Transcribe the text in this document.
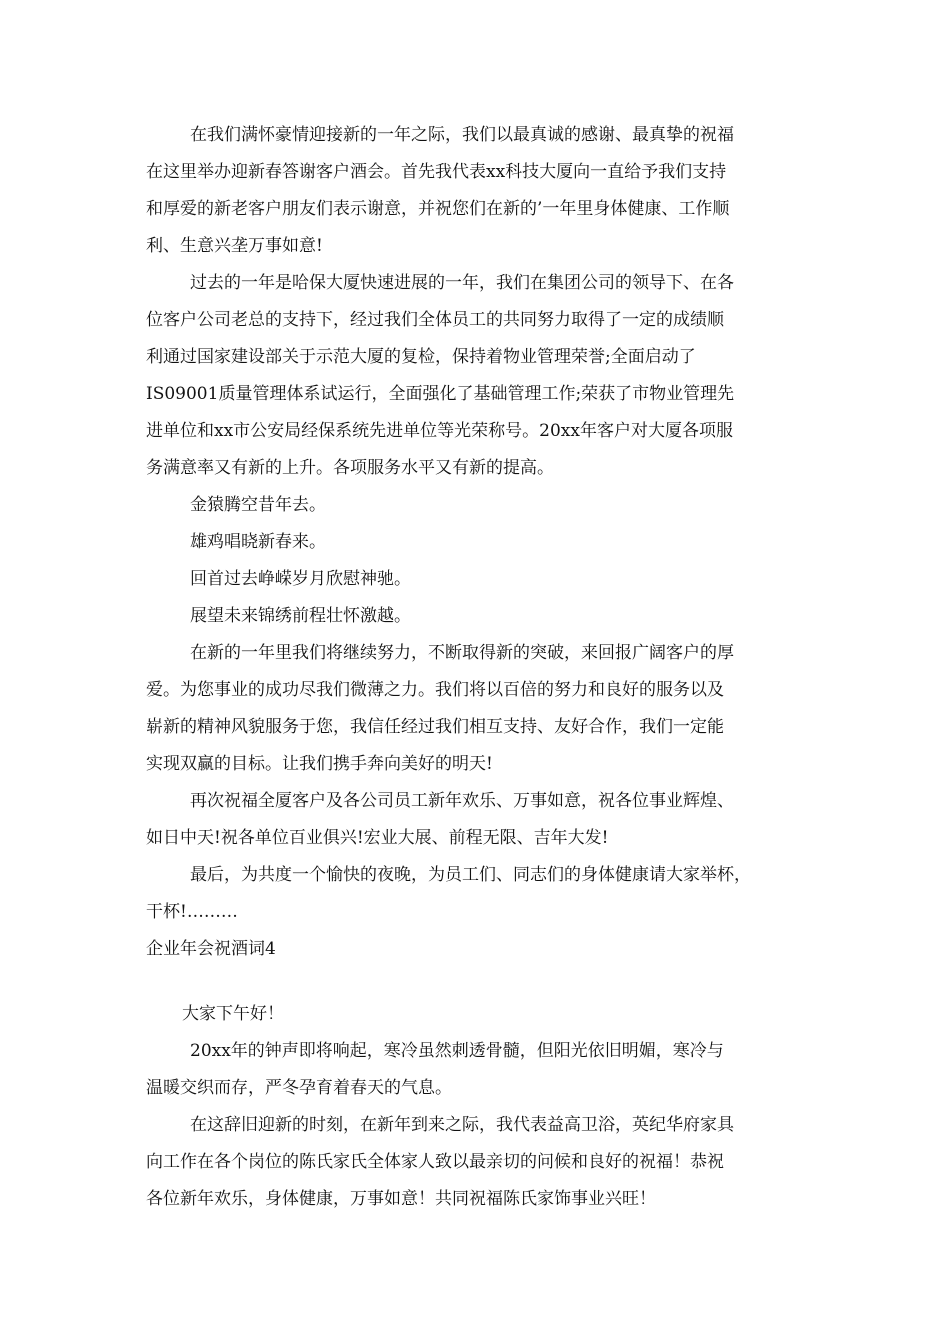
在我们满怀豪情迎接新的一年之际，我们以最真诚的感谢、最真挚的祝福
在这里举办迎新春答谢客户酒会。首先我代表xx科技大厦向一直给予我们支持
和厚爱的新老客户朋友们表示谢意，并祝您们在新的’一年里身体健康、工作顺
利、生意兴垄万事如意!
过去的一年是哈保大厦快速进展的一年，我们在集团公司的领导下、在各
位客户公司老总的支持下，经过我们全体员工的共同努力取得了一定的成绩顺
利通过国家建设部关于示范大厦的复检，保持着物业管理荣誉;全面启动了
IS09001质量管理体系试运行，全面强化了基础管理工作;荣获了市物业管理先
进单位和xx市公安局经保系统先进单位等光荣称号。20xx年客户对大厦各项服
务满意率又有新的上升。各项服务水平又有新的提高。
金猿腾空昔年去。
雄鸡唱晓新春来。
回首过去峥嵘岁月欣慰神驰。
展望未来锦绣前程壮怀激越。
在新的一年里我们将继续努力，不断取得新的突破，来回报广阔客户的厚
爱。为您事业的成功尽我们微薄之力。我们将以百倍的努力和良好的服务以及
崭新的精神风貌服务于您，我信任经过我们相互支持、友好合作，我们一定能
实现双赢的目标。让我们携手奔向美好的明天!
再次祝福全厦客户及各公司员工新年欢乐、万事如意，祝各位事业辉煌、
如日中天!祝各单位百业俱兴!宏业大展、前程无限、吉年大发!
最后，为共度一个愉快的夜晚，为员工们、同志们的身体健康请大家举杯，
干杯!………
企业年会祝酒词4
大家下午好！
20xx年的钟声即将响起，寒冷虽然刺透骨髓，但阳光依旧明媚，寒冷与
温暖交织而存，严冬孕育着春天的气息。
在这辞旧迎新的时刻，在新年到来之际，我代表益高卫浴，英纪华府家具
向工作在各个岗位的陈氏家氏全体家人致以最亲切的问候和良好的祝福！恭祝
各位新年欢乐，身体健康，万事如意！共同祝福陈氏家饰事业兴旺！
